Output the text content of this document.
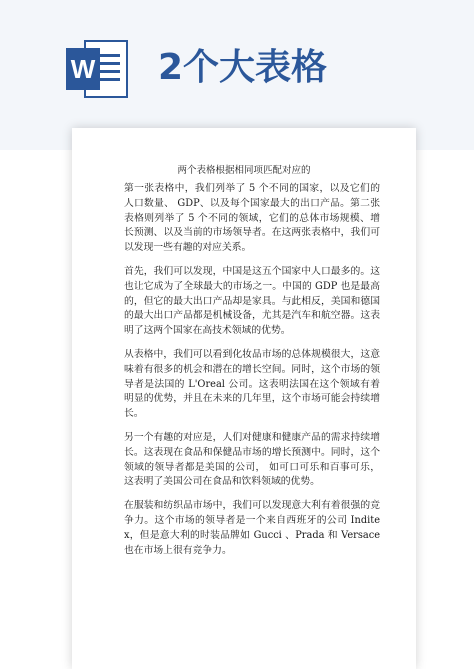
W 2个大表格
两个表格根据相同项匹配对应的

第一张表格中，我们列举了 5 个不同的国家，以及它们的人口数量、 GDP、以及每个国家最大的出口产品。第二张表格则列举了 5 个不同的领域，它们的总体市场规模、增长预测、以及当前的市场领导者。在这两张表格中，我们可以发现一些有趣的对应关系。

首先，我们可以发现，中国是这五个国家中人口最多的。这也让它成为了全球最大的市场之一。中国的 GDP 也是最高的，但它的最大出口产品却是家具。与此相反，美国和德国的最大出口产品都是机械设备，尤其是汽车和航空器。这表明了这两个国家在高技术领域的优势。

从表格中，我们可以看到化妆品市场的总体规模很大，这意味着有很多的机会和潜在的增长空间。同时，这个市场的领导者是法国的 L'Oreal 公司。这表明法国在这个领域有着明显的优势，并且在未来的几年里，这个市场可能会持续增长。

另一个有趣的对应是，人们对健康和健康产品的需求持续增长。这表现在食品和保健品市场的增长预测中。同时，这个领域的领导者都是美国的公司， 如可口可乐和百事可乐，这表明了美国公司在食品和饮料领域的优势。

在服装和纺织品市场中，我们可以发现意大利有着很强的竞争力。这个市场的领导者是一个来自西班牙的公司 Inditex，但是意大利的时装品牌如 Gucci 、Prada 和 Versace 也在市场上很有竞争力。
